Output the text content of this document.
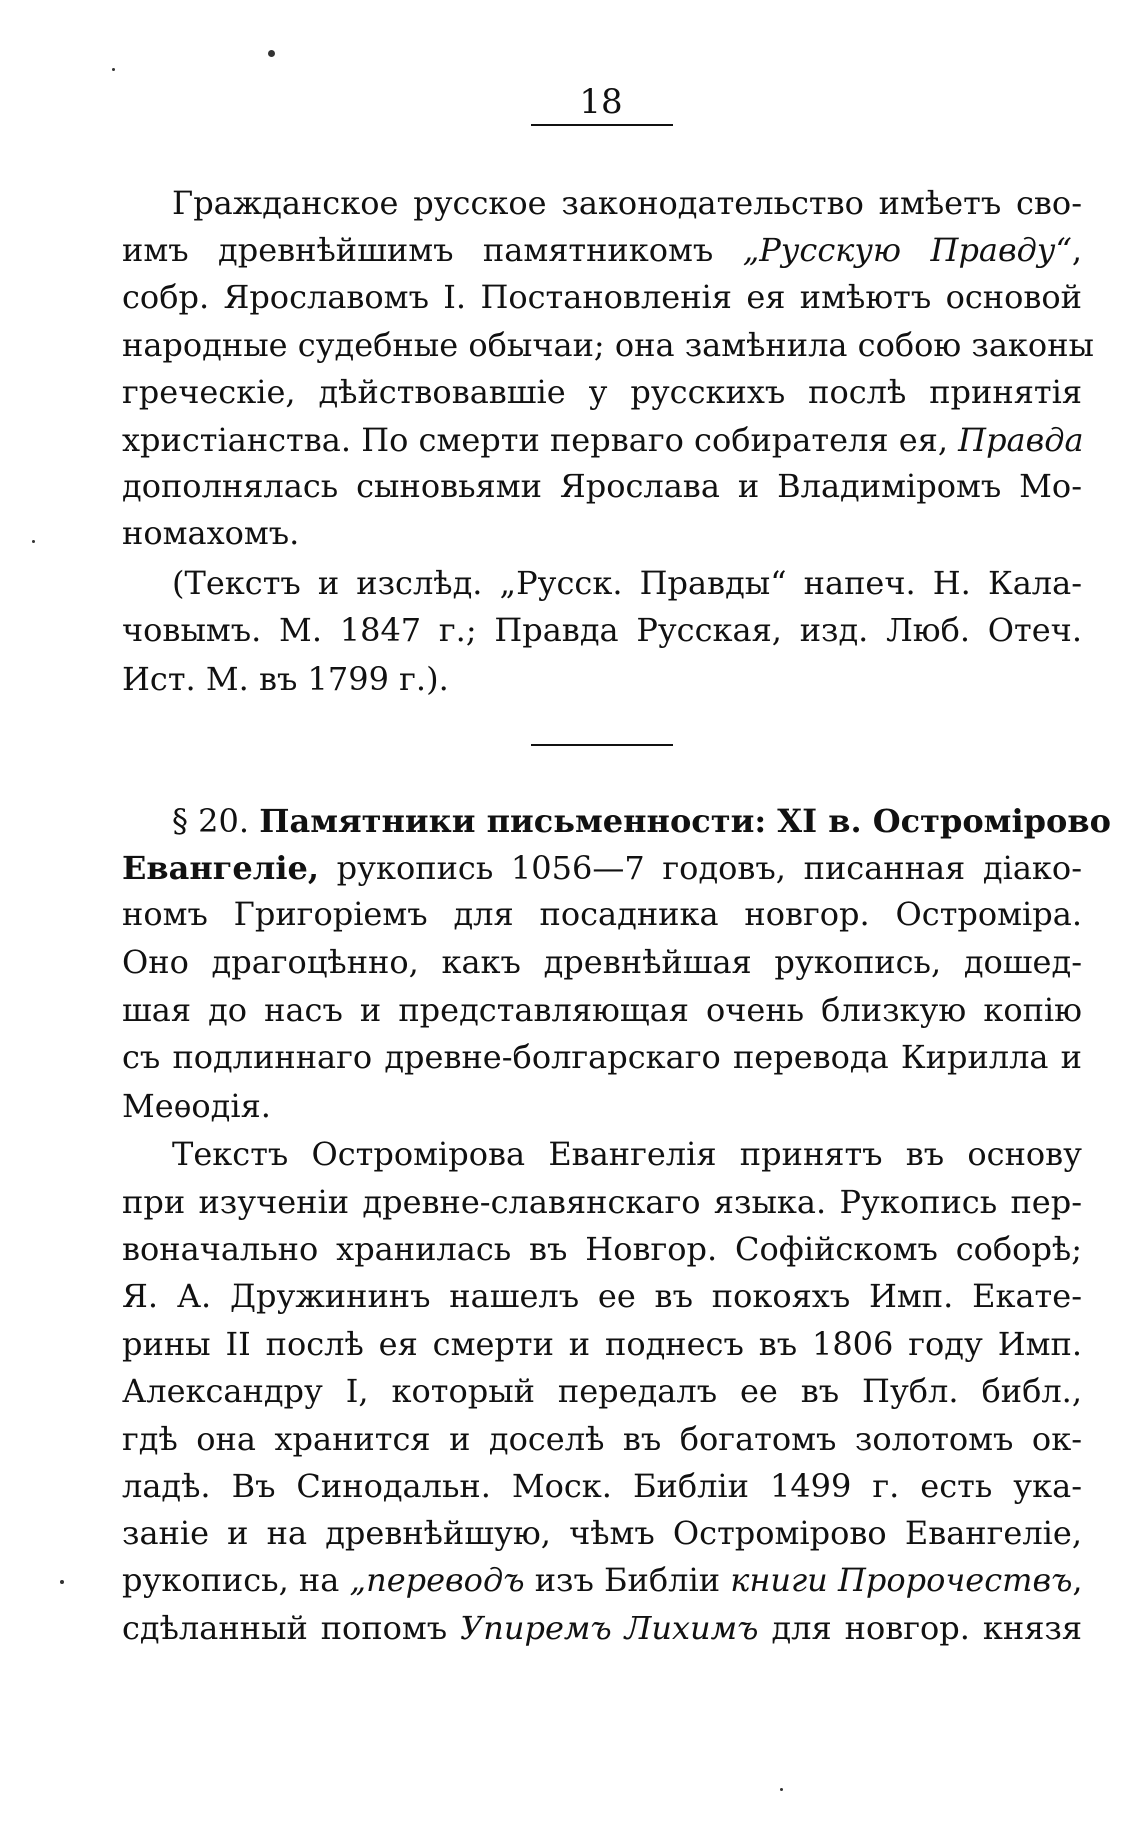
18
Гражданское русское законодательство имѣетъ сво-
имъ древнѣйшимъ памятникомъ „Русскую Правду“,
собр. Ярославомъ I. Постановленія ея имѣютъ основой
народные судебные обычаи; она замѣнила собою законы
греческіе, дѣйствовавшіе у русскихъ послѣ принятія
христіанства. По смерти перваго собирателя ея, Правда
дополнялась сыновьями Ярослава и Владиміромъ Мо-
номахомъ.
(Текстъ и изслѣд. „Русск. Правды“ напеч. Н. Кала-
човымъ. М. 1847 г.; Правда Русская, изд. Люб. Отеч.
Ист. М. въ 1799 г.).
§ 20. Памятники письменности: XI в. Остроміровo
Евангеліе, рукопись 1056—7 годовъ, писанная діако-
номъ Григоріемъ для посадника новгор. Остроміра.
Оно драгоцѣнно, какъ древнѣйшая рукопись, дошед-
шая до насъ и представляющая очень близкую копію
съ подлиннаго древне-болгарскаго перевода Кирилла и
Меѳодія.
Текстъ Остромірова Евангелія принятъ въ основу
при изученіи древне-славянскаго языка. Рукопись пер-
воначально хранилась въ Новгор. Софійскомъ соборѣ;
Я. А. Дружининъ нашелъ ее въ покояхъ Имп. Екате-
рины II послѣ ея смерти и поднесъ въ 1806 году Имп.
Александру I, который передалъ ее въ Публ. библ.,
гдѣ она хранится и доселѣ въ богатомъ золотомъ ок-
ладѣ. Въ Синодальн. Моск. Библіи 1499 г. есть ука-
заніе и на древнѣйшую, чѣмъ Остроміровo Евангеліе,
рукопись, на „переводъ изъ Библіи книги Пророчествъ,
сдѣланный попомъ Упиремъ Лихимъ для новгор. князя
